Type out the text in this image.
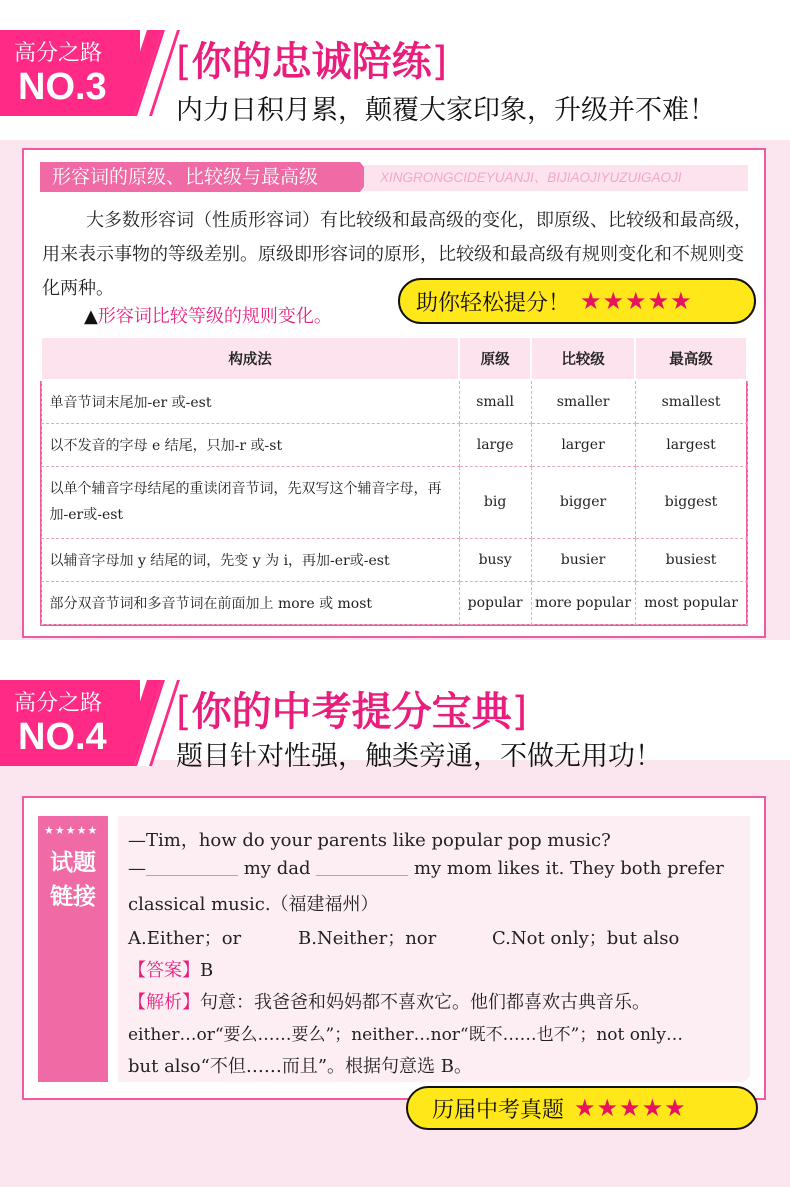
高分之路
NO.3
[你的忠诚陪练]
内力日积月累，颠覆大家印象，升级并不难！
形容词的原级、比较级与最高级	XINGRONGCIDEYUANJI、BIJIAOJIYUZUIGAOJI
大多数形容词（性质形容词）有比较级和最高级的变化，即原级、比较级和最高级，用来表示事物的等级差别。原级即形容词的原形，比较级和最高级有规则变化和不规则变化两种。
▲形容词比较等级的规则变化。
构成法	原级	比较级	最高级
单音节词末尾加-er 或-est	small	smaller	smallest
以不发音的字母 e 结尾，只加-r 或-st	large	larger	largest
以单个辅音字母结尾的重读闭音节词，先双写这个辅音字母，再加-er或-est	big	bigger	biggest
以辅音字母加 y 结尾的词，先变 y 为 i，再加-er或-est	busy	busier	busiest
部分双音节词和多音节词在前面加上 more 或 most	popular	more popular	most popular
助你轻松提分！ ★★★★★
高分之路
NO.4
[你的中考提分宝典]
题目针对性强，触类旁通，不做无用功！
★★★★★
试题
链接
—Tim，how do your parents like popular pop music?
—	my dad	my mom likes it. They both prefer
classical music.（福建福州）
A.Either；or	B.Neither；nor	C.Not only；but also
【答案】B
【解析】句意：我爸爸和妈妈都不喜欢它。他们都喜欢古典音乐。
either…or“要么……要么”；neither…nor“既不……也不”；not only…
but also“不但……而且”。根据句意选 B。
历届中考真题 ★★★★★
